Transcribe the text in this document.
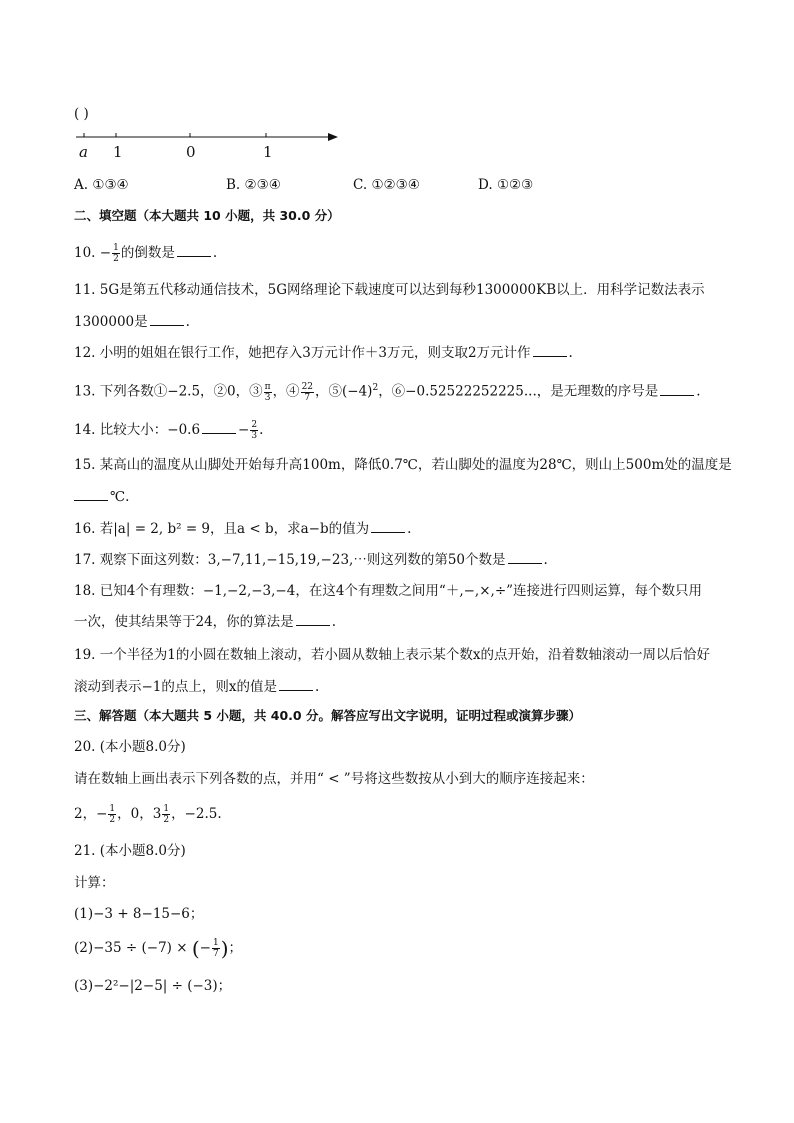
( )
a 1	0	1
A. ①③④	B. ②③④	C. ①②③④	D. ①②③
二、填空题（本大题共 10 小题，共 30.0 分）
10. − $\frac{1}{2}$ 的倒数是	.
11. 5G是第五代移动通信技术，5G网络理论下载速度可以达到每秒1300000KB以上．用科学记数法表示
1300000是	.
12. 小明的姐姐在银行工作，她把存入3万元计作＋3万元，则支取2万元计作	.
13. 下列各数①−2.5，②0，③ $\frac{\pi}{3}$ ，④ $\frac{22}{7}$ ，$⑤(-4)^2$，⑥−0.5252225222​5...，是无理数的序号是	.
14. 比较大小：−0.6	− $\frac{2}{3}$ .
15. 某高山的温度从山脚处开始每升高100m，降低0.7℃，若山脚处的温度为28℃，则山上500m处的温度是
℃.
16. 若|a| = 2, b² = 9，且a < b，求a−b的值为	.
17. 观察下面这列数：3,−7,11,−15,19,−23,⋯则这列数的第50个数是	.
18. 已知4个有理数：−1,−2,−3,−4，在这4个有理数之间用“＋,−,×,÷”连接进行四则运算，每个数只用
一次，使其结果等于24，你的算法是	.
19. 一个半径为1的小圆在数轴上滚动，若小圆从数轴上表示某个数x的点开始，沿着数轴滚动一周以后恰好
滚动到表示−1的点上，则x的值是	.
三、解答题（本大题共 5 小题，共 40.0 分。解答应写出文字说明，证明过程或演算步骤）
20. (本小题8.0分)
请在数轴上画出表示下列各数的点，并用“ < ”号将这些数按从小到大的顺序连接起来：
2，− $\frac{1}{2}$ ，0，$3 \frac{1}{2}$ ，−2.5.
21. (本小题8.0分)
计算：
(1)−3 + 8−15−6；
(2)−35 ÷ (−7) × (− $\frac{1}{7}$ )；
(3)−2²−|2−5| ÷ (−3)；
